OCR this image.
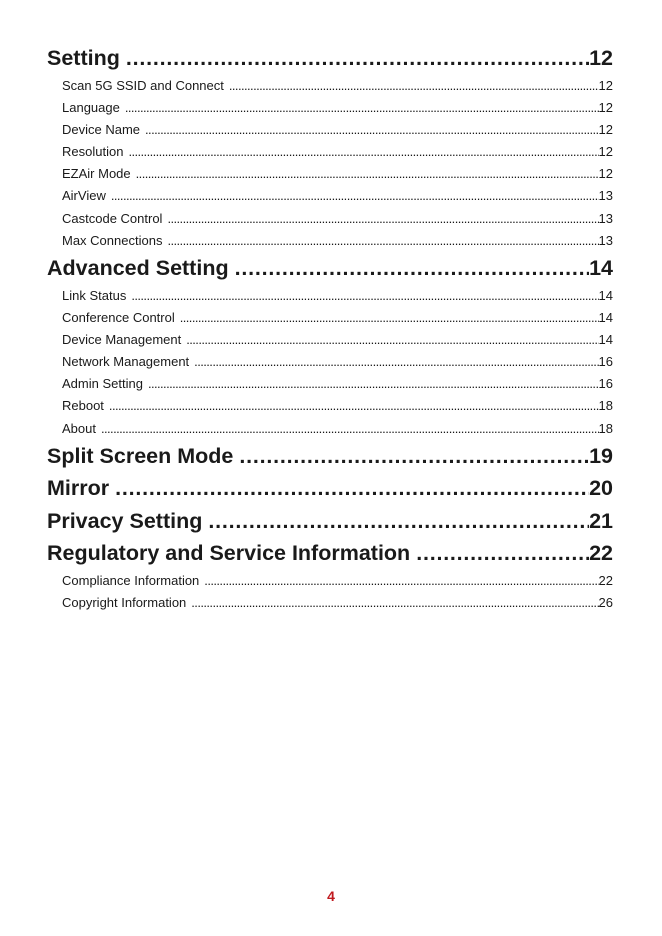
Setting . . .	12
Scan 5G SSID and Connect . . .	12
Language . . .	12
Device Name . . .	12
Resolution . . .	12
EZAir Mode . . .	12
AirView . . .	13
Castcode Control . . .	13
Max Connections . . .	13
Advanced Setting . . .	14
Link Status . . .	14
Conference Control . . .	14
Device Management . . .	14
Network Management . . .	16
Admin Setting . . .	16
Reboot . . .	18
About . . .	18
Split Screen Mode . . .	19
Mirror . . .	20
Privacy Setting . . .	21
Regulatory and Service Information . . .	22
Compliance Information . . .	22
Copyright Information . . .	26
4
